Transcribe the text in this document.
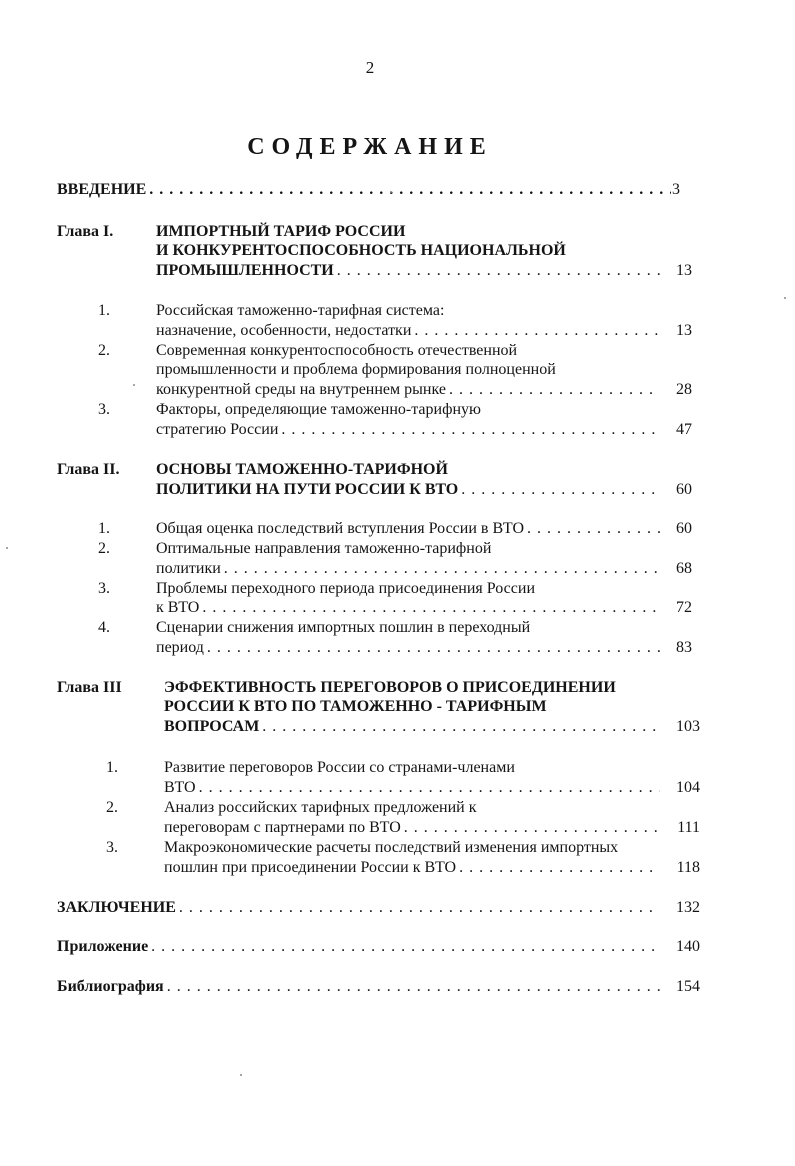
2
СОДЕРЖАНИЕ
ВВЕДЕНИЕ . . .	3
Глава I.	ИМПОРТНЫЙ ТАРИФ РОССИИ
И КОНКУРЕНТОСПОСОБНОСТЬ НАЦИОНАЛЬНОЙ
ПРОМЫШЛЕННОСТИ . . .	13
1.	Российская таможенно-тарифная система:
назначение, особенности, недостатки . . .	13
2.	Современная конкурентоспособность отечественной
промышленности и проблема формирования полноценной
конкурентной среды на внутреннем рынке . . .	28
3.	Факторы, определяющие таможенно-тарифную
стратегию России . . .	47
Глава II. ОСНОВЫ ТАМОЖЕННО-ТАРИФНОЙ
ПОЛИТИКИ НА ПУТИ РОССИИ К ВТО . . .	60
1.	Общая оценка последствий вступления России в ВТО . . .	60
2.	Оптимальные направления таможенно-тарифной
политики . . .	68
3.	Проблемы переходного периода присоединения России
к ВТО . . .	72
4.	Сценарии снижения импортных пошлин в переходный
период . . .	83
Глава III	ЭФФЕКТИВНОСТЬ ПЕРЕГОВОРОВ О ПРИСОЕДИНЕНИИ
РОССИИ К ВТО ПО ТАМОЖЕННО - ТАРИФНЫМ
ВОПРОСАМ . . .	103
1.	Развитие переговоров России со странами-членами
ВТО . . .	104
2.	Анализ российских тарифных предложений к
переговорам с партнерами по ВТО . . .	111
3.	Макроэкономические расчеты последствий изменения импортных
пошлин при присоединении России к ВТО . . .	118
ЗАКЛЮЧЕНИЕ . . .	132
Приложение . . .	140
Библиография . . .	154
